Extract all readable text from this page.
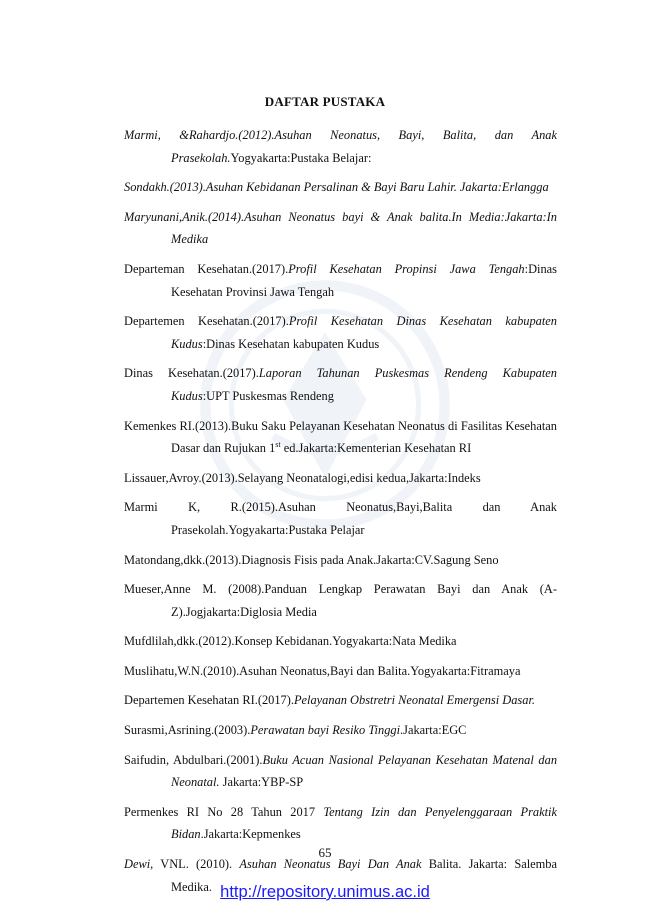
DAFTAR PUSTAKA

Marmi, &Rahardjo.(2012).Asuhan Neonatus, Bayi, Balita, dan Anak Prasekolah.Yogyakarta:Pustaka Belajar:

Sondakh.(2013).Asuhan Kebidanan Persalinan & Bayi Baru Lahir. Jakarta:Erlangga

Maryunani,Anik.(2014).Asuhan Neonatus bayi & Anak balita.In Media:Jakarta:In Medika

Departeman Kesehatan.(2017).Profil Kesehatan Propinsi Jawa Tengah:Dinas Kesehatan Provinsi Jawa Tengah

Departemen Kesehatan.(2017).Profil Kesehatan Dinas Kesehatan kabupaten Kudus:Dinas Kesehatan kabupaten Kudus

Dinas Kesehatan.(2017).Laporan Tahunan Puskesmas Rendeng Kabupaten Kudus:UPT Puskesmas Rendeng

Kemenkes RI.(2013).Buku Saku Pelayanan Kesehatan Neonatus di Fasilitas Kesehatan Dasar dan Rujukan 1st ed.Jakarta:Kementerian Kesehatan RI

Lissauer,Avroy.(2013).Selayang Neonatalogi,edisi kedua,Jakarta:Indeks

Marmi K, R.(2015).Asuhan Neonatus,Bayi,Balita dan Anak Prasekolah.Yogyakarta:Pustaka Pelajar

Matondang,dkk.(2013).Diagnosis Fisis pada Anak.Jakarta:CV.Sagung Seno

Mueser,Anne M. (2008).Panduan Lengkap Perawatan Bayi dan Anak (A-Z).Jogjakarta:Diglosia Media

Mufdlilah,dkk.(2012).Konsep Kebidanan.Yogyakarta:Nata Medika

Muslihatu,W.N.(2010).Asuhan Neonatus,Bayi dan Balita.Yogyakarta:Fitramaya

Departemen Kesehatan RI.(2017).Pelayanan Obstretri Neonatal Emergensi Dasar.

Surasmi,Asrining.(2003).Perawatan bayi Resiko Tinggi.Jakarta:EGC

Saifudin, Abdulbari.(2001).Buku Acuan Nasional Pelayanan Kesehatan Matenal dan Neonatal. Jakarta:YBP-SP

Permenkes RI No 28 Tahun 2017 Tentang Izin dan Penyelenggaraan Praktik Bidan.Jakarta:Kepmenkes

Dewi, VNL. (2010). Asuhan Neonatus Bayi Dan Anak Balita. Jakarta: Salemba Medika.

65
http://repository.unimus.ac.id
